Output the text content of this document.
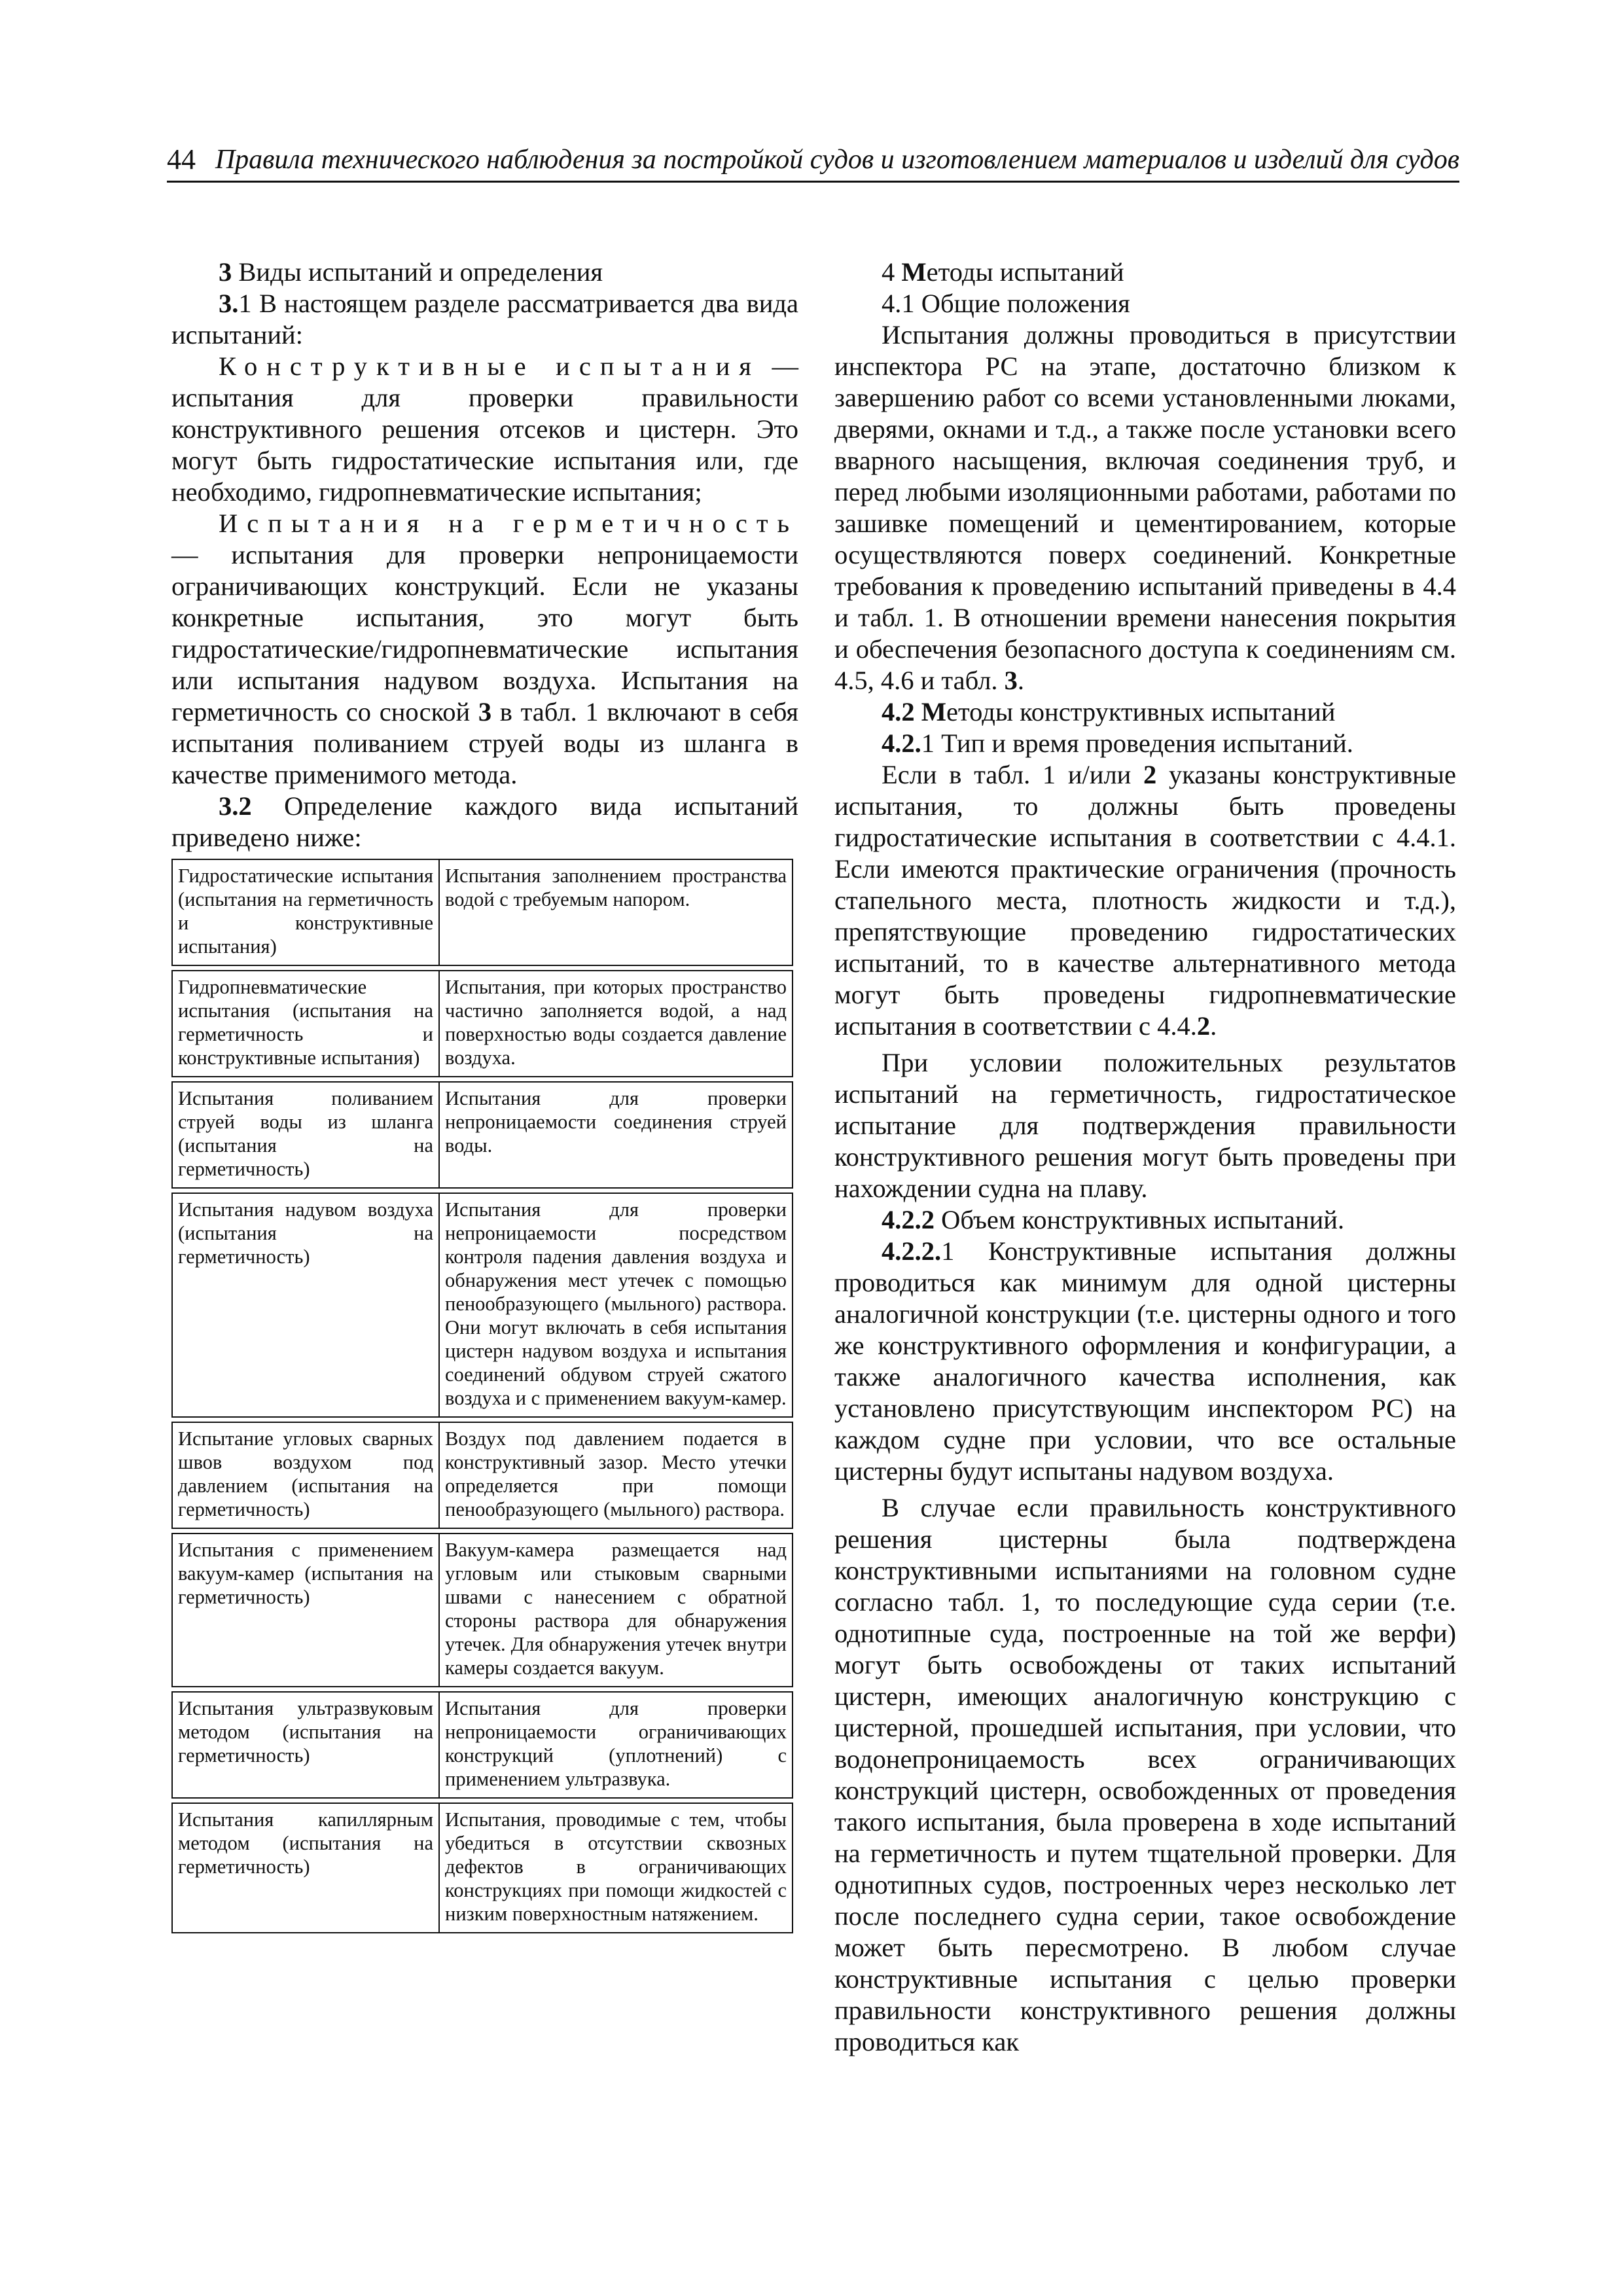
44 Правила технического наблюдения за постройкой судов и изготовлением материалов и изделий для судов

3 Виды испытаний и определения

3.1 В настоящем разделе рассматривается два вида испытаний:

Конструктивные испытания — испытания для проверки правильности конструктивного решения отсеков и цистерн. Это могут быть гидростатические испытания или, где необходимо, гидропневматические испытания;

Испытания на герметичность — испытания для проверки непроницаемости ограничивающих конструкций. Если не указаны конкретные испытания, это могут быть гидростатические/гидропневматические испытания или испытания надувом воздуха. Испытания на герметичность со сноской 3 в табл. 1 включают в себя испытания поливанием струей воды из шланга в качестве применимого метода.

3.2 Определение каждого вида испытаний приведено ниже:

Гидростатические испытания (испытания на герметичность и конструктивные испытания)	Испытания заполнением пространства водой с требуемым напором.

Гидропневматические испытания (испытания на герметичность и конструктивные испытания)	Испытания, при которых пространство частично заполняется водой, а над поверхностью воды создается давление воздуха.

Испытания поливанием струей воды из шланга (испытания на герметичность)	Испытания для проверки непроницаемости соединения струей воды.

Испытания надувом воздуха (испытания на герметичность)	Испытания для проверки непроницаемости посредством контроля падения давления воздуха и обнаружения мест утечек с помощью пенообразующего (мыльного) раствора. Они могут включать в себя испытания цистерн надувом воздуха и испытания соединений обдувом струей сжатого воздуха и с применением вакуум-камер.

Испытание угловых сварных швов воздухом под давлением (испытания на герметичность)	Воздух под давлением подается в конструктивный зазор. Место утечки определяется при помощи пенообразующего (мыльного) раствора.

Испытания с применением вакуум-камер (испытания на герметичность)	Вакуум-камера размещается над угловым или стыковым сварными швами с нанесением с обратной стороны раствора для обнаружения утечек. Для обнаружения утечек внутри камеры создается вакуум.

Испытания ультразвуковым методом (испытания на герметичность)	Испытания для проверки непроницаемости ограничивающих конструкций (уплотнений) с применением ультразвука.

Испытания капиллярным методом (испытания на герметичность)	Испытания, проводимые с тем, чтобы убедиться в отсутствии сквозных дефектов в ограничивающих конструкциях при помощи жидкостей с низким поверхностным натяжением.

4 Методы испытаний

4.1 Общие положения

Испытания должны проводиться в присутствии инспектора РС на этапе, достаточно близком к завершению работ со всеми установленными люками, дверями, окнами и т.д., а также после установки всего вварного насыщения, включая соединения труб, и перед любыми изоляционными работами, работами по зашивке помещений и цементированием, которые осуществляются поверх соединений. Конкретные требования к проведению испытаний приведены в 4.4 и табл. 1. В отношении времени нанесения покрытия и обеспечения безопасного доступа к соединениям см. 4.5, 4.6 и табл. 3.

4.2 Методы конструктивных испытаний

4.2.1 Тип и время проведения испытаний.

Если в табл. 1 и/или 2 указаны конструктивные испытания, то должны быть проведены гидростатические испытания в соответствии с 4.4.1. Если имеются практические ограничения (прочность стапельного места, плотность жидкости и т.д.), препятствующие проведению гидростатических испытаний, то в качестве альтернативного метода могут быть проведены гидропневматические испытания в соответствии с 4.4.2.

При условии положительных результатов испытаний на герметичность, гидростатическое испытание для подтверждения правильности конструктивного решения могут быть проведены при нахождении судна на плаву.

4.2.2 Объем конструктивных испытаний.

4.2.2.1 Конструктивные испытания должны проводиться как минимум для одной цистерны аналогичной конструкции (т.е. цистерны одного и того же конструктивного оформления и конфигурации, а также аналогичного качества исполнения, как установлено присутствующим инспектором РС) на каждом судне при условии, что все остальные цистерны будут испытаны надувом воздуха.

В случае если правильность конструктивного решения цистерны была подтверждена конструктивными испытаниями на головном судне согласно табл. 1, то последующие суда серии (т.е. однотипные суда, построенные на той же верфи) могут быть освобождены от таких испытаний цистерн, имеющих аналогичную конструкцию с цистерной, прошедшей испытания, при условии, что водонепроницаемость всех ограничивающих конструкций цистерн, освобожденных от проведения такого испытания, была проверена в ходе испытаний на герметичность и путем тщательной проверки. Для однотипных судов, построенных через несколько лет после последнего судна серии, такое освобождение может быть пересмотрено. В любом случае конструктивные испытания с целью проверки правильности конструктивного решения должны проводиться как
